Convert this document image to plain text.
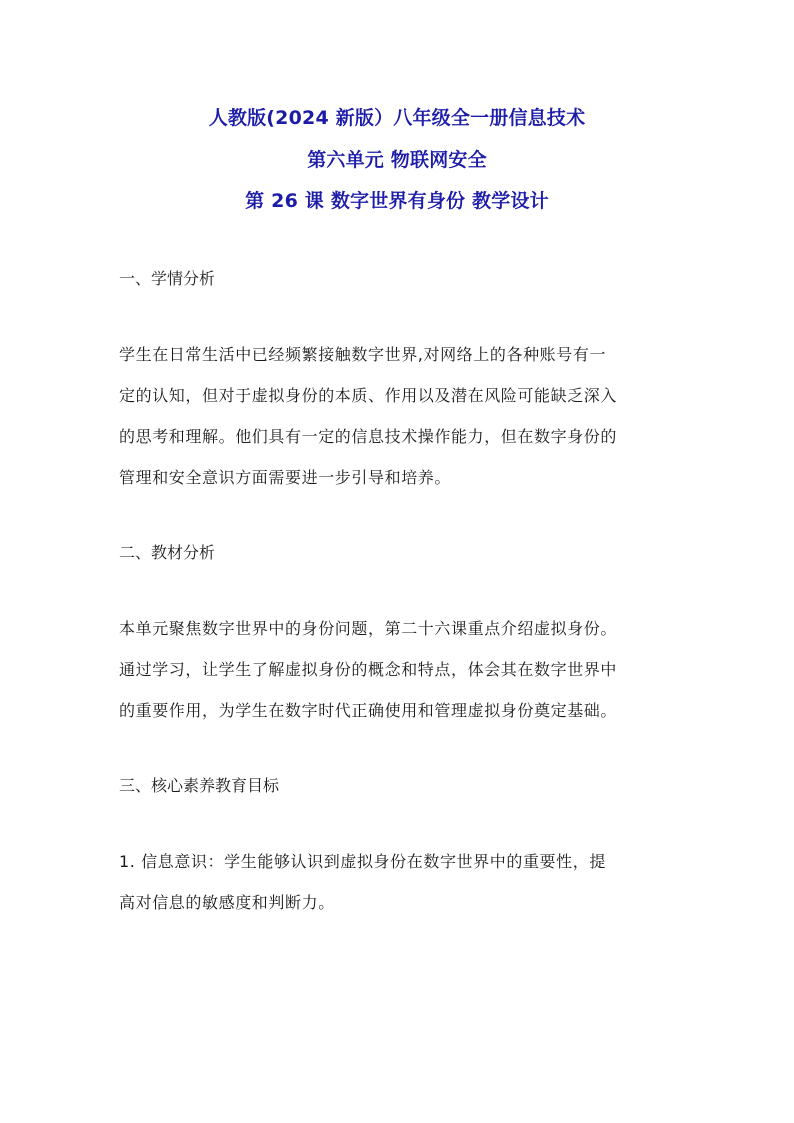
人教版(2024 新版）八年级全一册信息技术
第六单元 物联网安全
第 26 课 数字世界有身份 教学设计

一、学情分析

学生在日常生活中已经频繁接触数字世界,对网络上的各种账号有一
定的认知，但对于虚拟身份的本质、作用以及潜在风险可能缺乏深入
的思考和理解。他们具有一定的信息技术操作能力，但在数字身份的
管理和安全意识方面需要进一步引导和培养。

二、教材分析

本单元聚焦数字世界中的身份问题，第二十六课重点介绍虚拟身份。
通过学习，让学生了解虚拟身份的概念和特点，体会其在数字世界中
的重要作用，为学生在数字时代正确使用和管理虚拟身份奠定基础。

三、核心素养教育目标

1. 信息意识：学生能够认识到虚拟身份在数字世界中的重要性，提
高对信息的敏感度和判断力。
